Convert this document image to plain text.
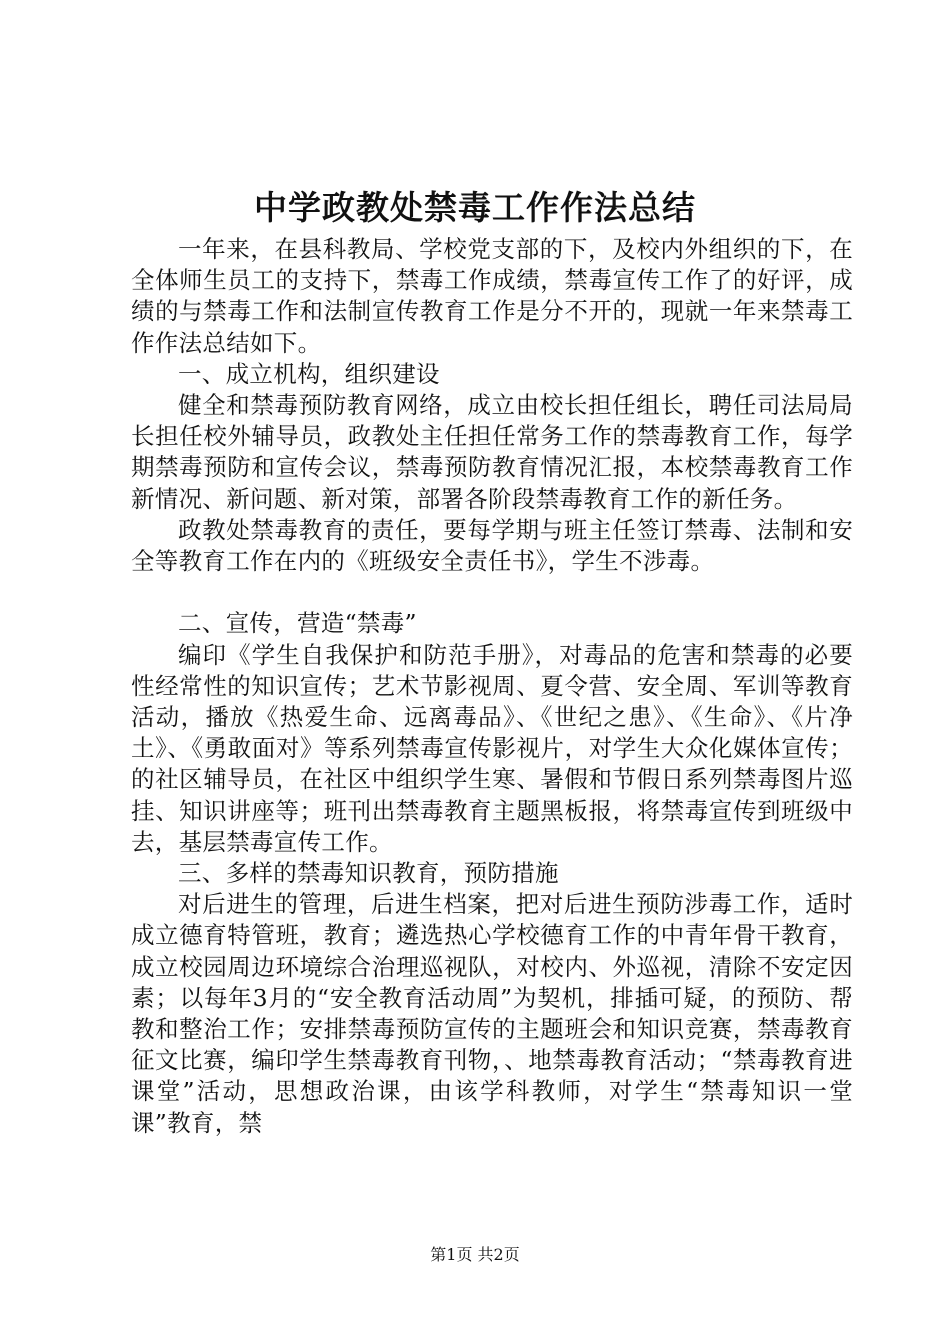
中学政教处禁毒工作作法总结

一年来，在县科教局、学校党支部的下，及校内外组织的下，在全体师生员工的支持下，禁毒工作成绩，禁毒宣传工作了的好评，成绩的与禁毒工作和法制宣传教育工作是分不开的，现就一年来禁毒工作作法总结如下。

一、成立机构，组织建设

健全和禁毒预防教育网络，成立由校长担任组长，聘任司法局局长担任校外辅导员，政教处主任担任常务工作的禁毒教育工作，每学期禁毒预防和宣传会议，禁毒预防教育情况汇报，本校禁毒教育工作新情况、新问题、新对策，部署各阶段禁毒教育工作的新任务。

政教处禁毒教育的责任，要每学期与班主任签订禁毒、法制和安全等教育工作在内的《班级安全责任书》，学生不涉毒。

二、宣传，营造“禁毒”

编印《学生自我保护和防范手册》，对毒品的危害和禁毒的必要性经常性的知识宣传；艺术节影视周、夏令营、安全周、军训等教育活动，播放《热爱生命、远离毒品》、《世纪之患》、《生命》、《片净土》、《勇敢面对》等系列禁毒宣传影视片，对学生大众化媒体宣传；的社区辅导员，在社区中组织学生寒、暑假和节假日系列禁毒图片巡挂、知识讲座等；班刊出禁毒教育主题黑板报，将禁毒宣传到班级中去，基层禁毒宣传工作。

三、多样的禁毒知识教育，预防措施

对后进生的管理，后进生档案，把对后进生预防涉毒工作，适时成立德育特管班，教育；遴选热心学校德育工作的中青年骨干教育，成立校园周边环境综合治理巡视队，对校内、外巡视，清除不安定因素；以每年3月的“安全教育活动周”为契机，排插可疑，的预防、帮教和整治工作；安排禁毒预防宣传的主题班会和知识竞赛，禁毒教育征文比赛，编印学生禁毒教育刊物，、地禁毒教育活动；“禁毒教育进课堂”活动，思想政治课，由该学科教师，对学生“禁毒知识一堂课”教育，禁

第1页 共2页
